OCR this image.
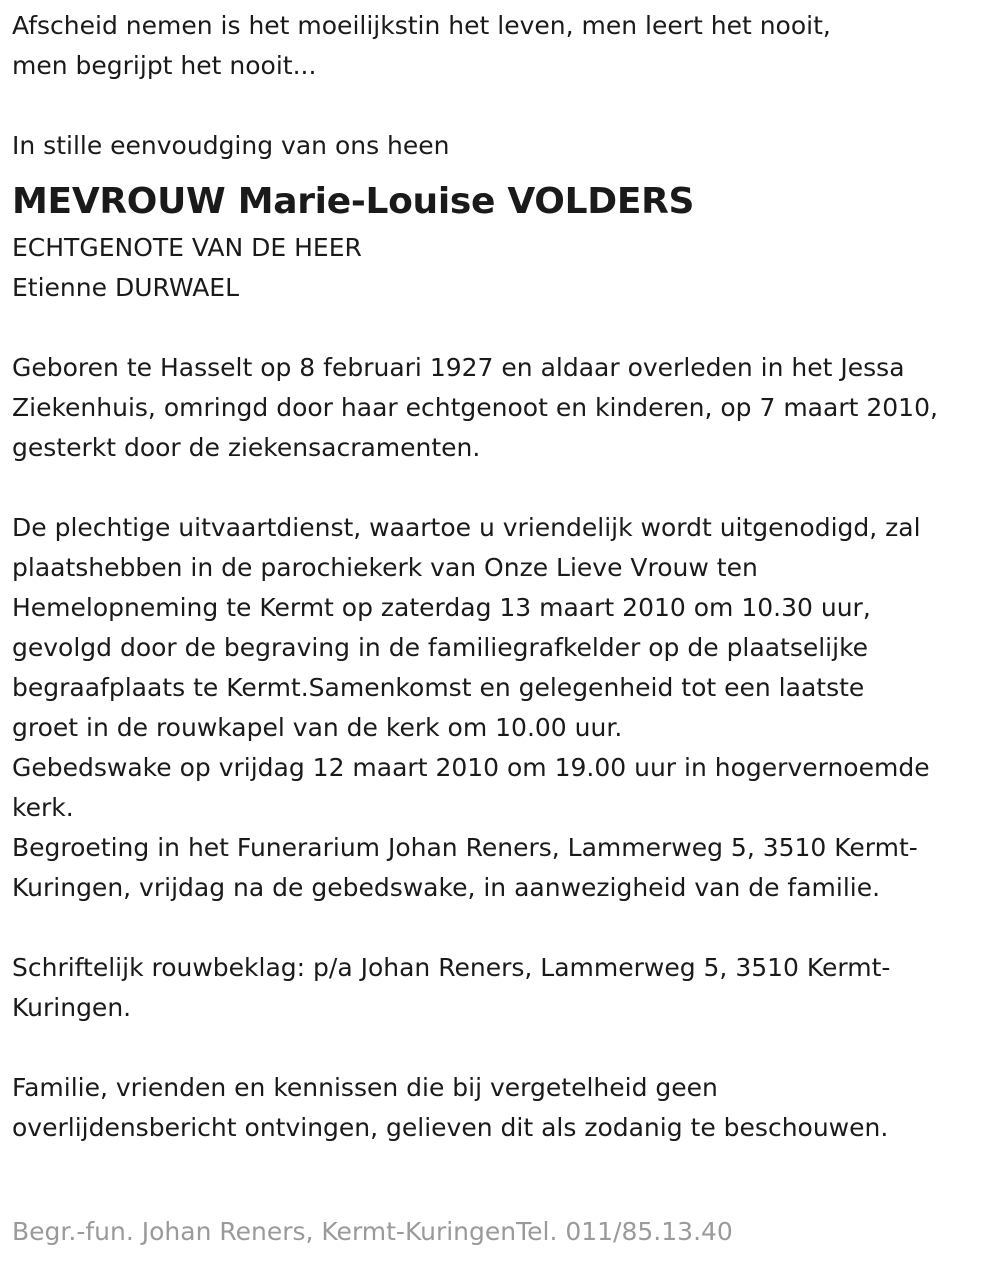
Afscheid nemen is het moeilijkstin het leven, men leert het nooit,
men begrijpt het nooit...

In stille eenvoudging van ons heen

MEVROUW Marie-Louise VOLDERS

ECHTGENOTE VAN DE HEER
Etienne DURWAEL

Geboren te Hasselt op 8 februari 1927 en aldaar overleden in het Jessa
Ziekenhuis, omringd door haar echtgenoot en kinderen, op 7 maart 2010,
gesterkt door de ziekensacramenten.

De plechtige uitvaartdienst, waartoe u vriendelijk wordt uitgenodigd, zal
plaatshebben in de parochiekerk van Onze Lieve Vrouw ten
Hemelopneming te Kermt op zaterdag 13 maart 2010 om 10.30 uur,
gevolgd door de begraving in de familiegrafkelder op de plaatselijke
begraafplaats te Kermt.Samenkomst en gelegenheid tot een laatste
groet in de rouwkapel van de kerk om 10.00 uur.
Gebedswake op vrijdag 12 maart 2010 om 19.00 uur in hogervernoemde
kerk.
Begroeting in het Funerarium Johan Reners, Lammerweg 5, 3510 Kermt-
Kuringen, vrijdag na de gebedswake, in aanwezigheid van de familie.

Schriftelijk rouwbeklag: p/a Johan Reners, Lammerweg 5, 3510 Kermt-
Kuringen.

Familie, vrienden en kennissen die bij vergetelheid geen
overlijdensbericht ontvingen, gelieven dit als zodanig te beschouwen.

Begr.-fun. Johan Reners, Kermt-KuringenTel. 011/85.13.40
